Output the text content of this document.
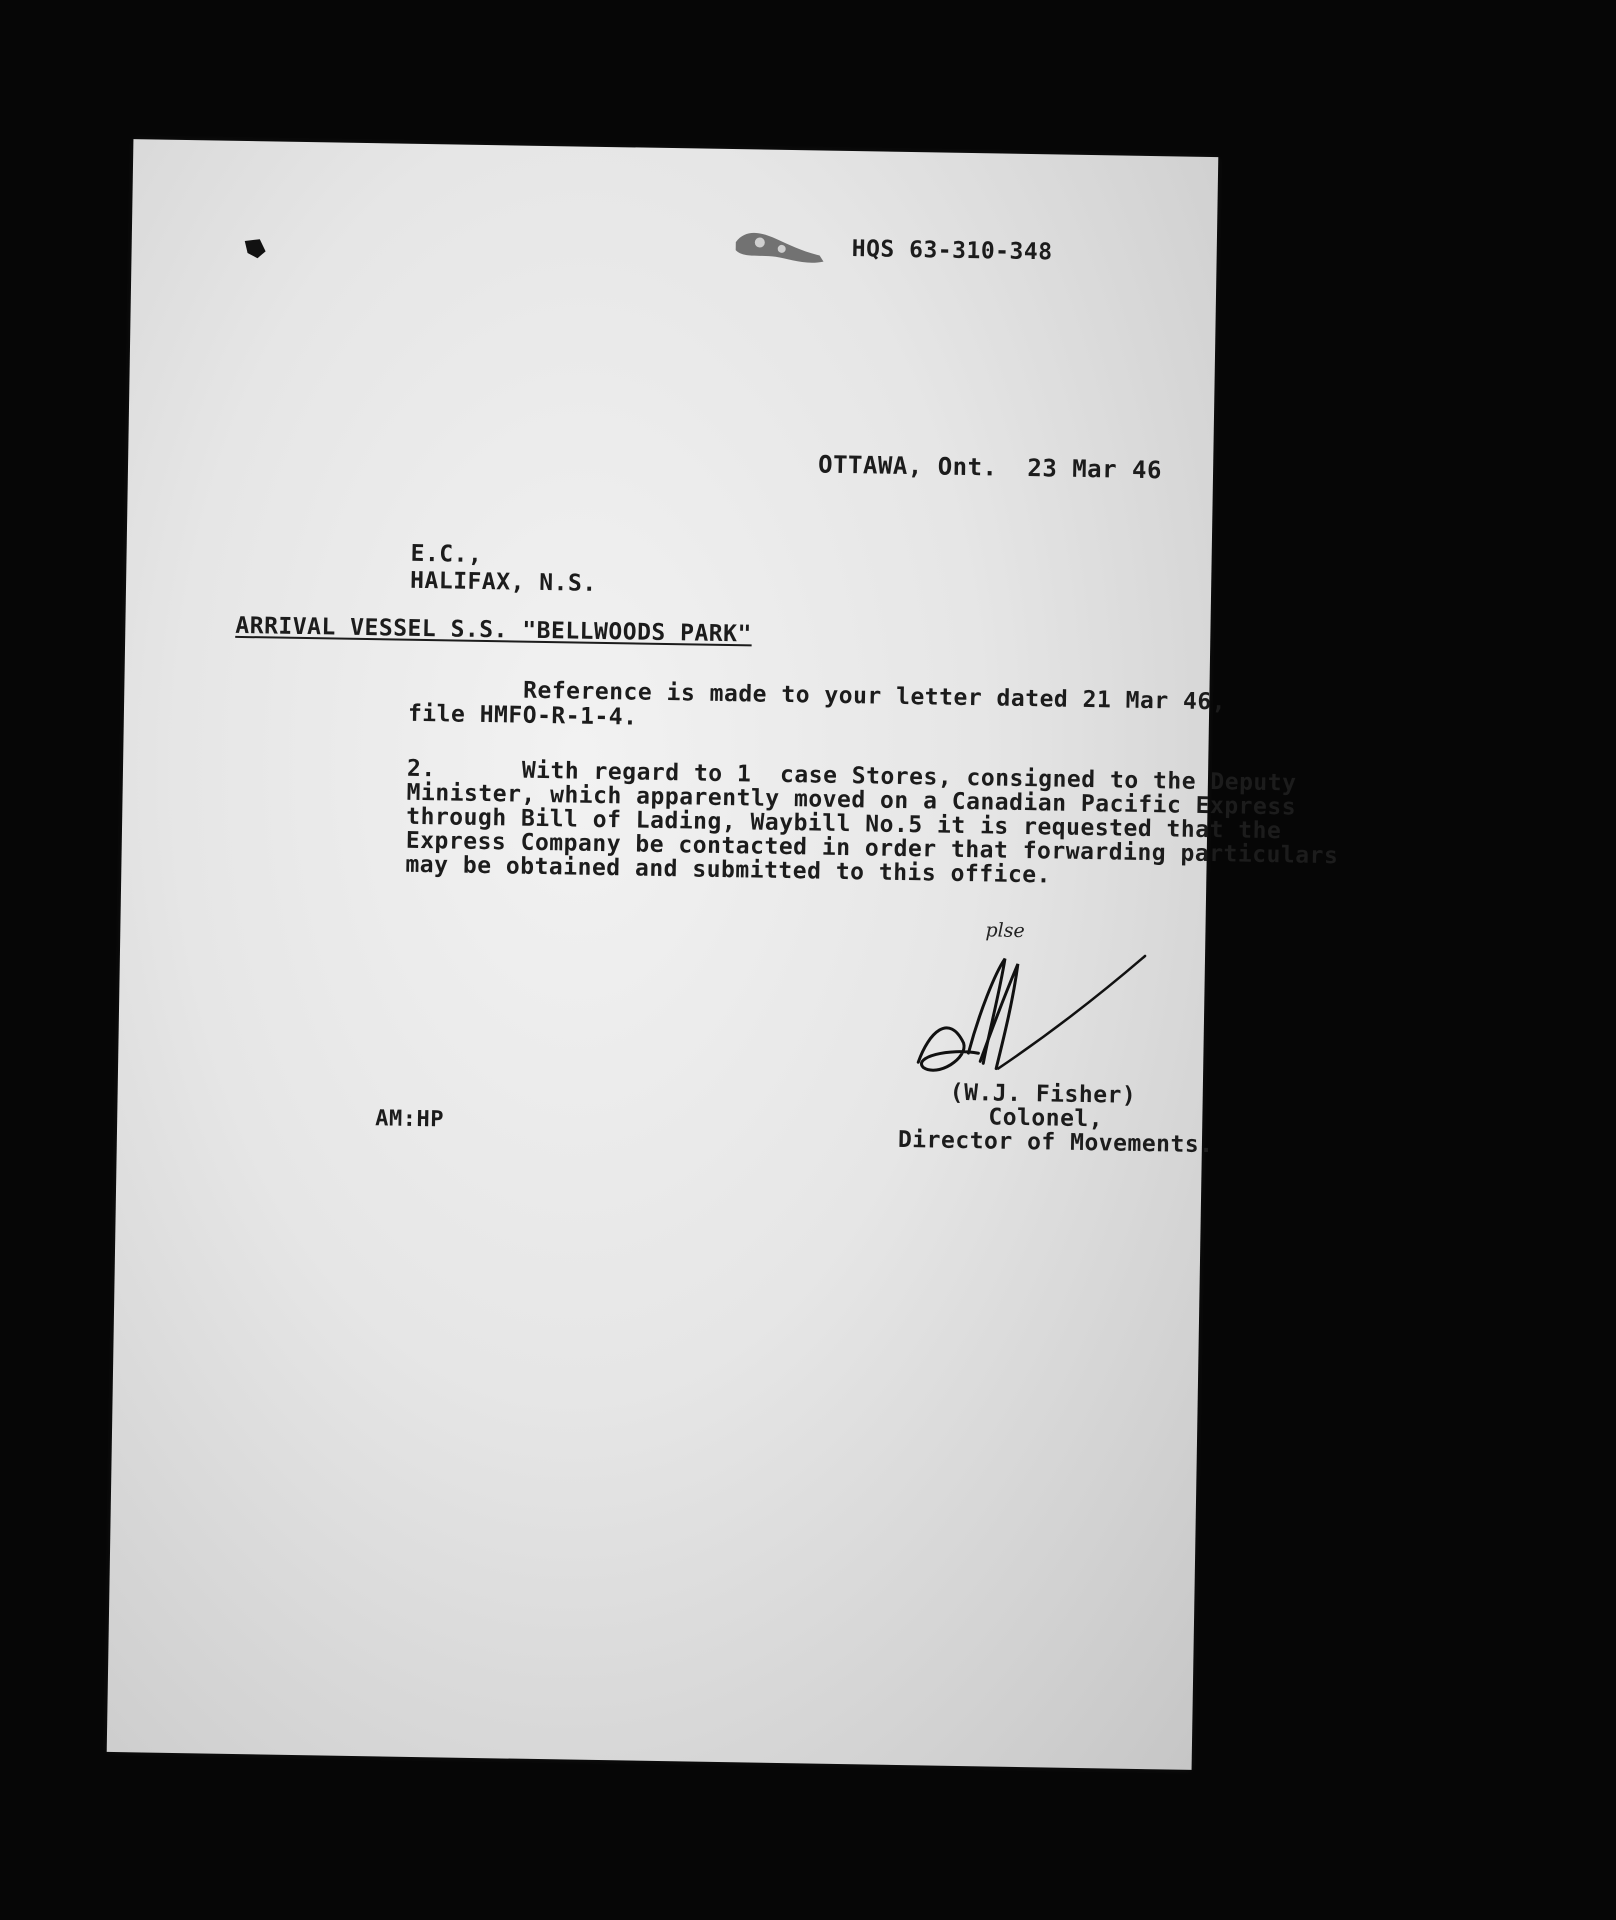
HQS 63-310-348
OTTAWA, Ont.  23 Mar 46
E.C.,
HALIFAX, N.S.
ARRIVAL VESSEL S.S. "BELLWOODS PARK"
Reference is made to your letter dated 21 Mar 46,
file HMFO-R-1-4.
2.      With regard to 1  case Stores, consigned to the Deputy
Minister, which apparently moved on a Canadian Pacific Express
through Bill of Lading, Waybill No.5 it is requested that the
Express Company be contacted in order that forwarding particulars
may be obtained and submitted to this office.
plse
(W.J. Fisher)
Colonel,
Director of Movements.
AM:HP
